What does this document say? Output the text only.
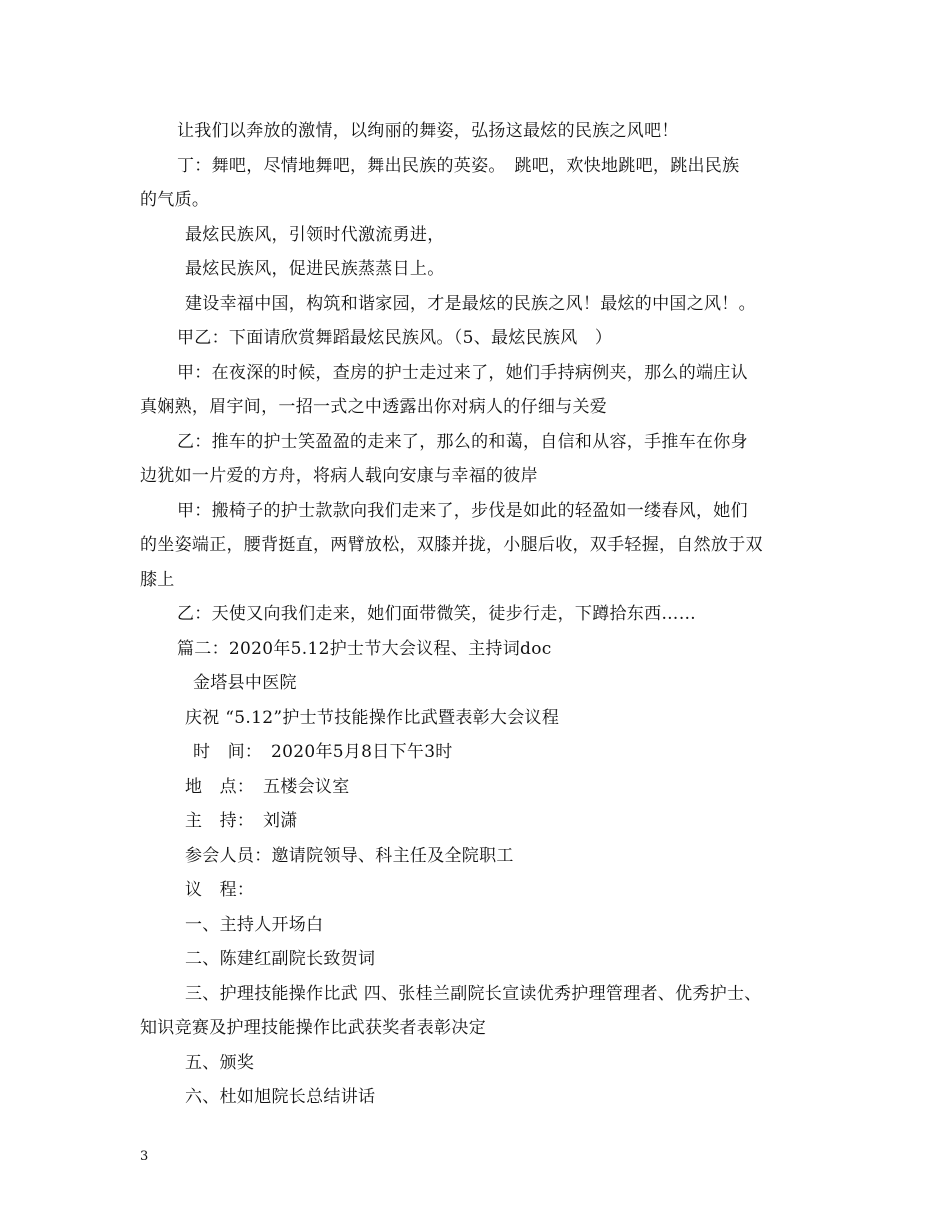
让我们以奔放的激情，以绚丽的舞姿，弘扬这最炫的民族之风吧！
丁：舞吧，尽情地舞吧，舞出民族的英姿。　跳吧，欢快地跳吧，跳出民族
的气质。
最炫民族风，引领时代激流勇进，
最炫民族风，促进民族蒸蒸日上。
建设幸福中国，构筑和谐家园，才是最炫的民族之风！最炫的中国之风！。
甲乙：下面请欣赏舞蹈最炫民族风。（5、最炫民族风　）
甲：在夜深的时候，查房的护士走过来了，她们手持病例夹，那么的端庄认
真娴熟，眉宇间，一招一式之中透露出你对病人的仔细与关爱
乙：推车的护士笑盈盈的走来了，那么的和蔼，自信和从容，手推车在你身
边犹如一片爱的方舟，将病人载向安康与幸福的彼岸
甲：搬椅子的护士款款向我们走来了，步伐是如此的轻盈如一缕春风，她们
的坐姿端正，腰背挺直，两臂放松，双膝并拢，小腿后收，双手轻握，自然放于双
膝上
乙：天使又向我们走来，她们面带微笑，徒步行走，下蹲拾东西……
篇二：2020年5.12护士节大会议程、主持词doc
金塔县中医院
庆祝 “5.12”护士节技能操作比武暨表彰大会议程
时　间：　2020年5月8日下午3时
地　点：　五楼会议室
主　持：　刘潇
参会人员：邀请院领导、科主任及全院职工
议　程：
一、主持人开场白
二、陈建红副院长致贺词
三、护理技能操作比武 四、张桂兰副院长宣读优秀护理管理者、优秀护士、
知识竞赛及护理技能操作比武获奖者表彰决定
五、颁奖
六、杜如旭院长总结讲话
3
